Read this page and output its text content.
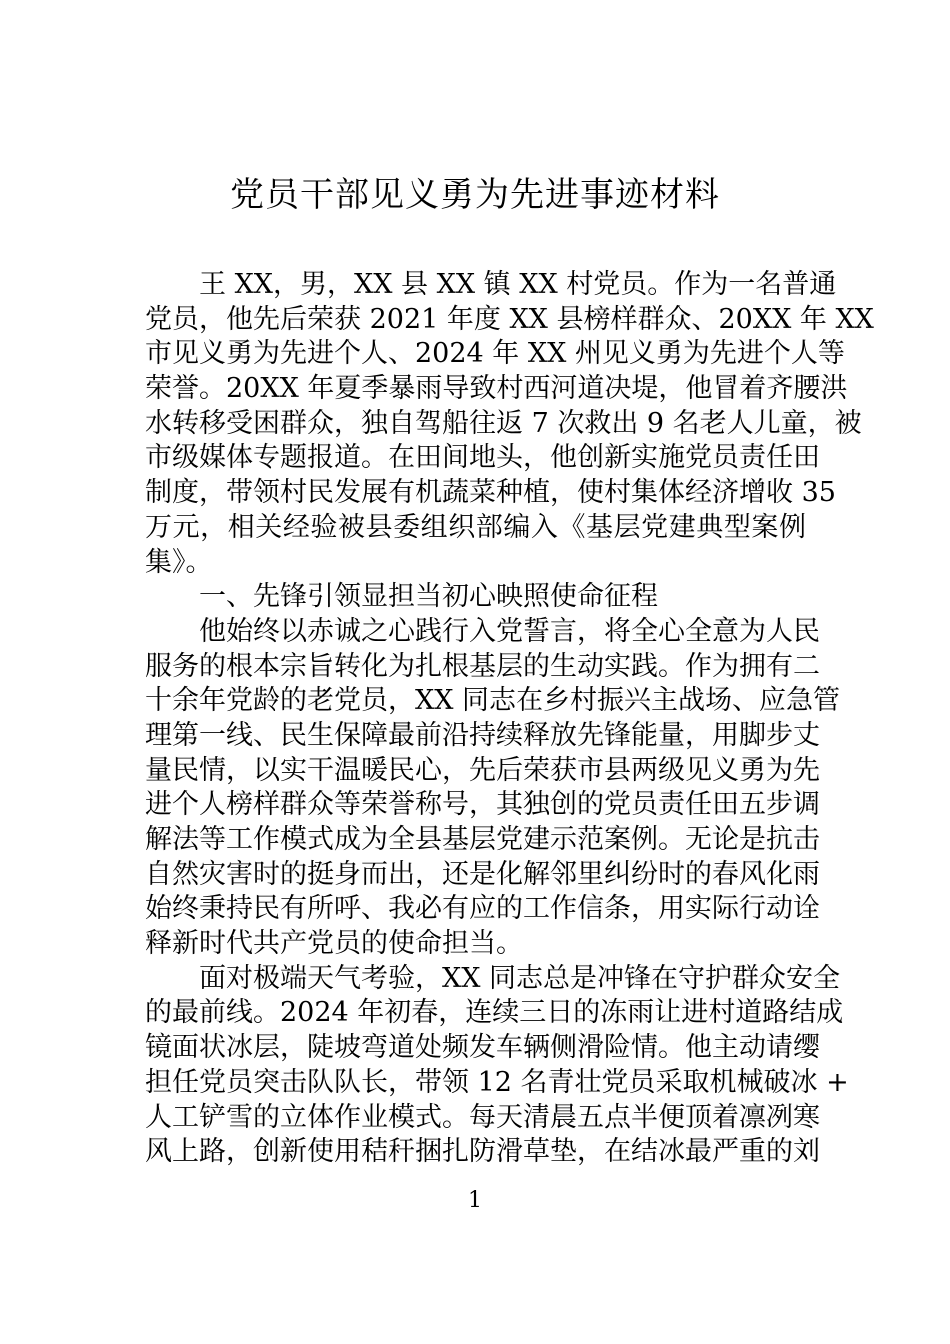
党员干部见义勇为先进事迹材料
王 XX，男，XX 县 XX 镇 XX 村党员。作为一名普通
党员，他先后荣获 2021 年度 XX 县榜样群众、20XX 年 XX
市见义勇为先进个人、2024 年 XX 州见义勇为先进个人等
荣誉。20XX 年夏季暴雨导致村西河道决堤，他冒着齐腰洪
水转移受困群众，独自驾船往返 7 次救出 9 名老人儿童，被
市级媒体专题报道。在田间地头，他创新实施党员责任田
制度，带领村民发展有机蔬菜种植，使村集体经济增收 35
万元，相关经验被县委组织部编入《基层党建典型案例
集》。
一、先锋引领显担当初心映照使命征程
他始终以赤诚之心践行入党誓言，将全心全意为人民
服务的根本宗旨转化为扎根基层的生动实践。作为拥有二
十余年党龄的老党员，XX 同志在乡村振兴主战场、应急管
理第一线、民生保障最前沿持续释放先锋能量，用脚步丈
量民情，以实干温暖民心，先后荣获市县两级见义勇为先
进个人榜样群众等荣誉称号，其独创的党员责任田五步调
解法等工作模式成为全县基层党建示范案例。无论是抗击
自然灾害时的挺身而出，还是化解邻里纠纷时的春风化雨
始终秉持民有所呼、我必有应的工作信条，用实际行动诠
释新时代共产党员的使命担当。
面对极端天气考验，XX 同志总是冲锋在守护群众安全
的最前线。2024 年初春，连续三日的冻雨让进村道路结成
镜面状冰层，陡坡弯道处频发车辆侧滑险情。他主动请缨
担任党员突击队队长，带领 12 名青壮党员采取机械破冰 +
人工铲雪的立体作业模式。每天清晨五点半便顶着凛冽寒
风上路，创新使用秸秆捆扎防滑草垫，在结冰最严重的刘
1
